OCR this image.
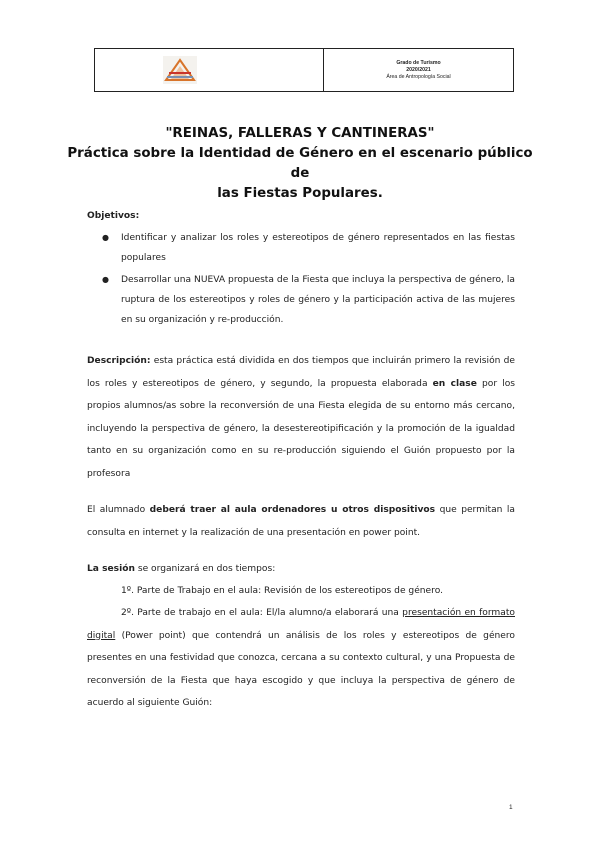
Grado de Turismo
2020/2021
Área de Antropología Social
"REINAS, FALLERAS Y CANTINERAS"
Práctica sobre la Identidad de Género en el escenario público de
las Fiestas Populares.
Objetivos:
● Identificar y analizar los roles y estereotipos de género representados en las fiestas populares
● Desarrollar una NUEVA propuesta de la Fiesta que incluya la perspectiva de género, la ruptura de los estereotipos y roles de género y la participación activa de las mujeres en su organización y re-producción.

Descripción: esta práctica está dividida en dos tiempos que incluirán primero la revisión de los roles y estereotipos de género, y segundo, la propuesta elaborada en clase por los propios alumnos/as sobre la reconversión de una Fiesta elegida de su entorno más cercano, incluyendo la perspectiva de género, la desestereotipificación y la promoción de la igualdad tanto en su organización como en su re-producción siguiendo el Guión propuesto por la profesora

El alumnado deberá traer al aula ordenadores u otros dispositivos que permitan la consulta en internet y la realización de una presentación en power point.

La sesión se organizará en dos tiempos:
1º. Parte de Trabajo en el aula: Revisión de los estereotipos de género.

2º. Parte de trabajo en el aula: El/la alumno/a elaborará una presentación en formato digital (Power point) que contendrá un análisis de los roles y estereotipos de género presentes en una festividad que conozca, cercana a su contexto cultural, y una Propuesta de reconversión de la Fiesta que haya escogido y que incluya la perspectiva de género de acuerdo al siguiente Guión:

1
